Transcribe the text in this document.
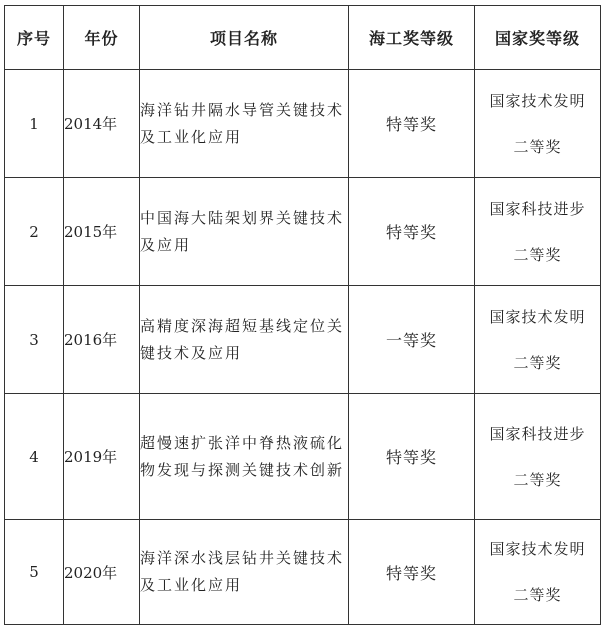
序号	年份	项目名称	海工奖等级	国家奖等级
1	2014年	海洋钻井隔水导管关键技术及工业化应用	特等奖	国家技术发明
二等奖

2	2015年	中国海大陆架划界关键技术及应用	特等奖	国家科技进步
二等奖

3	2016年	高精度深海超短基线定位关键技术及应用	一等奖	国家技术发明
二等奖

4	2019年	超慢速扩张洋中脊热液硫化物发现与探测关键技术创新	特等奖	国家科技进步
二等奖

5	2020年	海洋深水浅层钻井关键技术及工业化应用	特等奖	国家技术发明
二等奖
